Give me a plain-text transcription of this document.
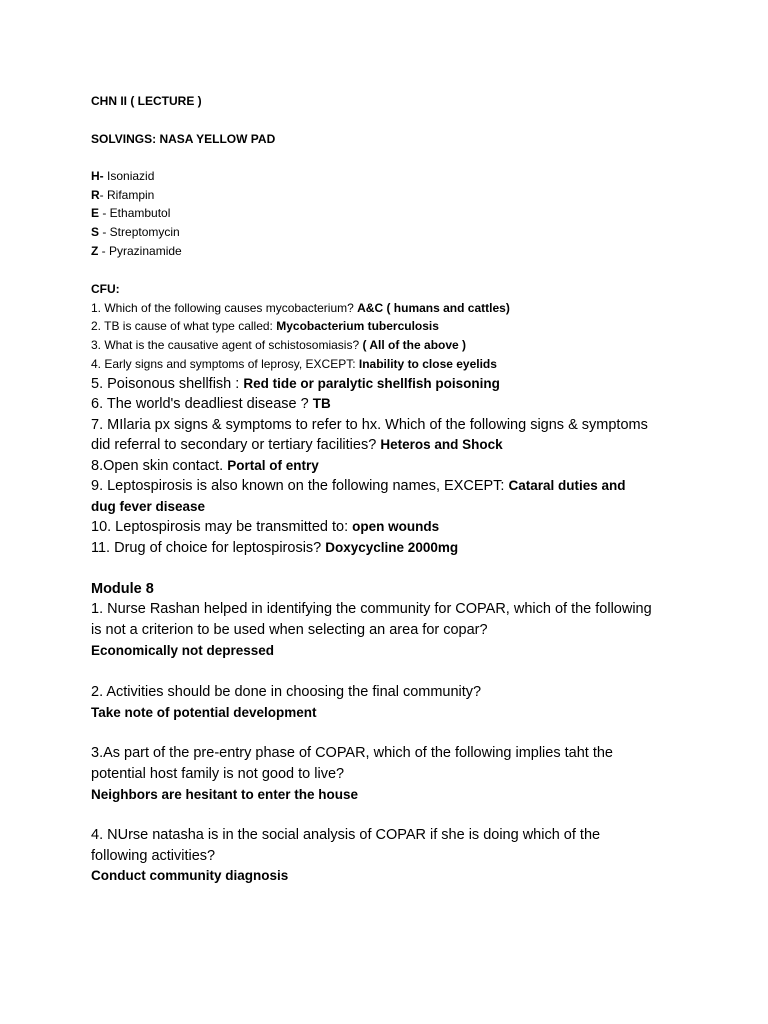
CHN II ( LECTURE )
SOLVINGS: NASA YELLOW PAD
H- Isoniazid
R- Rifampin
E - Ethambutol
S - Streptomycin
Z - Pyrazinamide
CFU:
1. Which of the following causes mycobacterium? A&C ( humans and cattles)
2. TB is cause of what type called: Mycobacterium tuberculosis
3. What is the causative agent of schistosomiasis? ( All of the above )
4. Early signs and symptoms of leprosy, EXCEPT: Inability to close eyelids
5. Poisonous shellfish : Red tide or paralytic shellfish poisoning
6. The world's deadliest disease ? TB
7. MIlaria px signs & symptoms to refer to hx. Which of the following signs & symptoms
did referral to secondary or tertiary facilities? Heteros and Shock
8.Open skin contact. Portal of entry
9. Leptospirosis is also known on the following names, EXCEPT: Cataral duties and
dug fever disease
10. Leptospirosis may be transmitted to: open wounds
11. Drug of choice for leptospirosis? Doxycycline 2000mg
Module 8
1. Nurse Rashan helped in identifying the community for COPAR, which of the following
is not a criterion to be used when selecting an area for copar?
Economically not depressed
2. Activities should be done in choosing the final community?
Take note of potential development
3.As part of the pre-entry phase of COPAR, which of the following implies taht the
potential host family is not good to live?
Neighbors are hesitant to enter the house
4. NUrse natasha is in the social analysis of COPAR if she is doing which of the
following activities?
Conduct community diagnosis
